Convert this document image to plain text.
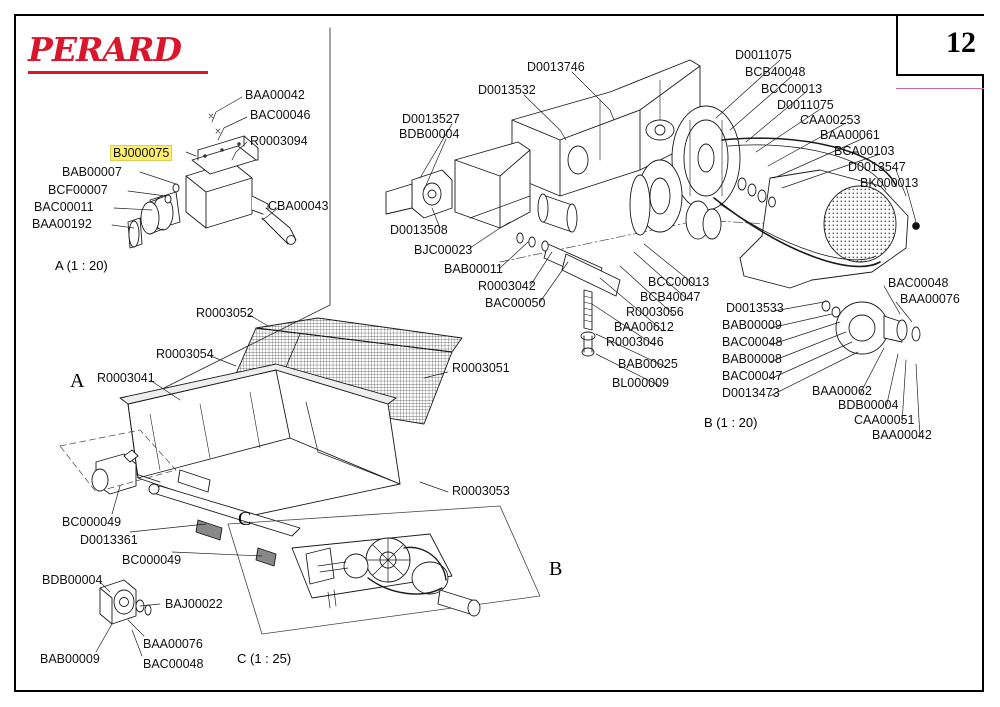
PERARD	12
BAA00042
BAC00046
BJ000075
R0003094
BAB00007
BCF00007
BAC00011
BAA00192
CBA00043
D0013746
D0013532
D0011075
BCB40048
BCC00013
D0011075
CAA00253
BAA00061
BCA00103
D0013547
BK000013
D0013527
BDB00004
D0013508
BJC00023
BAB00011
R0003042
BAC00050
BCC00013
BCB40047
R0003056
BAA00612
R0003046
BAB00025
BL000009
D0013533
BAB00009
BAC00048
BAB00008
BAC00047
D0013473	BAA00062
BDB00004
CAA00051
BAA00042
BAC00048
BAA00076
R0003052
R0003054
R0003041
R0003051
R0003053
BC000049
D0013361
BC000049
BDB00004
BAJ00022
BAA00076
BAB00009	BAC00048
A
B
C
A (1 : 20)
B (1 : 20)
C (1 : 25)
